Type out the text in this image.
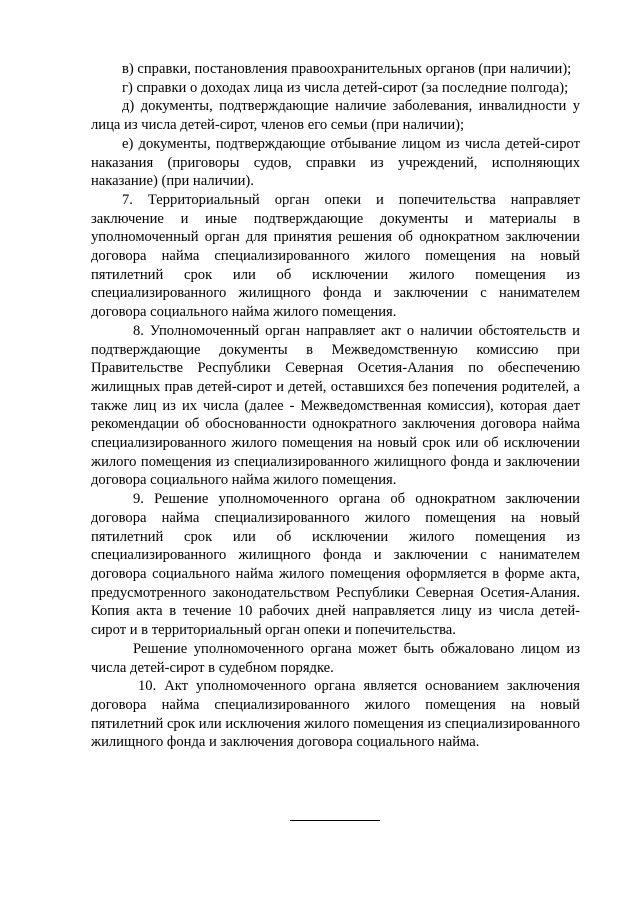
в) справки, постановления правоохранительных органов (при наличии);

г) справки о доходах лица из числа детей-сирот (за последние полгода);

д) документы, подтверждающие наличие заболевания, инвалидности у лица из числа детей-сирот, членов его семьи (при наличии);

е) документы, подтверждающие отбывание лицом из числа детей-сирот наказания (приговоры судов, справки из учреждений, исполняющих наказание) (при наличии).

7. Территориальный орган опеки и попечительства направляет заключение и иные подтверждающие документы и материалы в уполномоченный орган для принятия решения об однократном заключении договора найма специализированного жилого помещения на новый пятилетний срок или об исключении жилого помещения из специализированного жилищного фонда и заключении с нанимателем договора социального найма жилого помещения.

8. Уполномоченный орган направляет акт о наличии обстоятельств и подтверждающие документы в Межведомственную комиссию при Правительстве Республики Северная Осетия-Алания по обеспечению жилищных прав детей-сирот и детей, оставшихся без попечения родителей, а также лиц из их числа (далее - Межведомственная комиссия), которая дает рекомендации об обоснованности однократного заключения договора найма специализированного жилого помещения на новый срок или об исключении жилого помещения из специализированного жилищного фонда и заключении договора социального найма жилого помещения.

9. Решение уполномоченного органа об однократном заключении договора найма специализированного жилого помещения на новый пятилетний срок или об исключении жилого помещения из специализированного жилищного фонда и заключении с нанимателем договора социального найма жилого помещения оформляется в форме акта, предусмотренного законодательством Республики Северная Осетия-Алания. Копия акта в течение 10 рабочих дней направляется лицу из числа детей-сирот и в территориальный орган опеки и попечительства.

Решение уполномоченного органа может быть обжаловано лицом из числа детей-сирот в судебном порядке.

10. Акт уполномоченного органа является основанием заключения договора найма специализированного жилого помещения на новый пятилетний срок или исключения жилого помещения из специализированного жилищного фонда и заключения договора социального найма.
